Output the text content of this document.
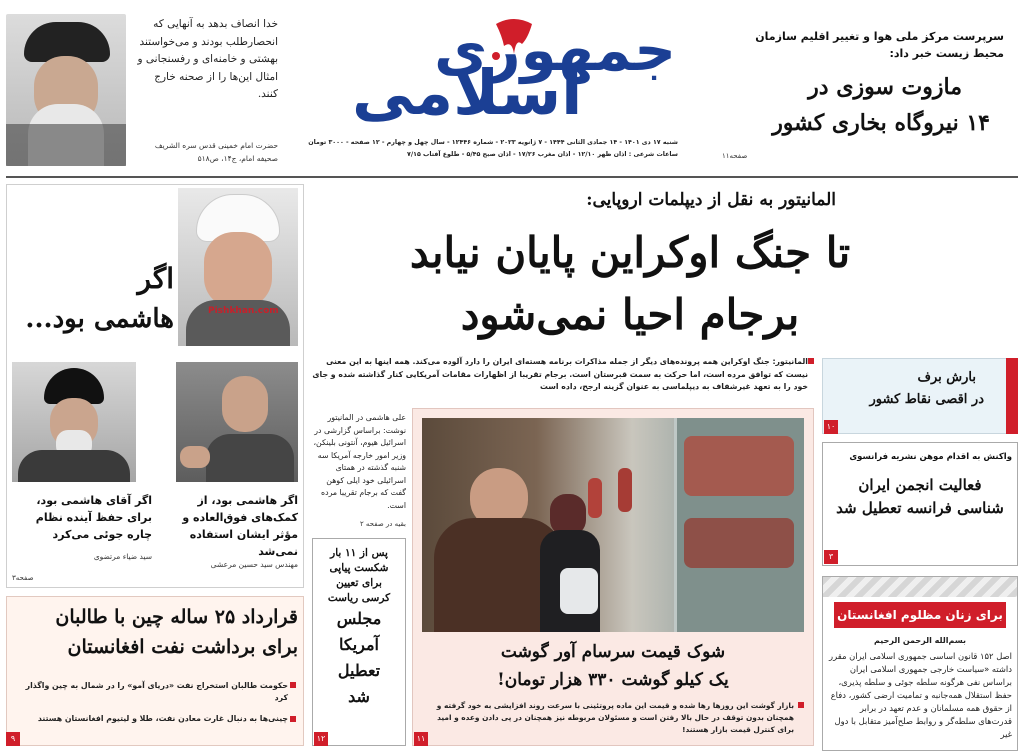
خدا انصاف بدهد به آنهایی که انحصارطلب بودند و می‌خواستند بهشتی و خامنه‌ای و رفسنجانی و امثال این‌ها را از صحنه خارج کنند.
حضرت امام خمینی قدس سره الشریف
صحیفه امام، ج۱۴، ص۵۱۸
جمهوری
اسلامی
شنبه ۱۷ دی ۱۴۰۱ - ۱۴ جمادی الثانی ۱۴۴۴ - ۷ ژانویه ۲۰۲۳ - شماره ۱۲۴۴۶ - سال چهل و چهارم - ۱۲ صفحه - ۳۰۰۰ تومان
ساعات شرعی : اذان ظهر ۱۲/۱۰ - اذان مغرب ۱۷/۲۶ - اذان صبح ۵/۴۵ - طلوع آفتاب ۷/۱۵
سرپرست مرکز ملی هوا و تغییر اقلیم سازمان محیط زیست خبر داد:
مازوت سوزی در
۱۴ نیروگاه بخاری کشور
صفحه۱۱
اگر
هاشمی بود...	Pishkhan.com
اگر آقای هاشمی بود، برای حفظ آینده نظام چاره جوئی می‌کرد
سید ضیاء مرتضوی
اگر هاشمی بود، از کمک‌های فوق‌العاده و مؤثر ایشان استفاده نمی‌شد
مهندس سید حسین مرعشی
صفحه۳
قرارداد ۲۵ ساله چین با طالبان
برای برداشت نفت افغانستان
حکومت طالبان استخراج نفت «دریای آمو» را در شمال به چین واگذار کرد
چینی‌ها به دنبال غارت معادن نفت، طلا و لیتیوم افغانستان هستند
۹
المانیتور به نقل از دیپلمات اروپایی:
تا جنگ اوکراین پایان نیابد
برجام احیا نمی‌شود
المانیتور: جنگ اوکراین همه پرونده‌های دیگر از جمله مذاکرات برنامه هسته‌ای ایران را دارد آلوده می‌کند. همه اینها به این معنی نیست که توافق مرده است، اما حرکت به سمت قبرستان است. برجام تقریبا از اظهارات مقامات آمریکایی کنار گذاشته شده و جای خود را به تعهد غیرشفاف به دیپلماسی به عنوان گزینه ارجح، داده است
علی هاشمی در المانیتور نوشت: براساس گزارشی در اسرائیل هیوم، آنتونی بلینکن، وزیر امور خارجه آمریکا سه شنبه گذشته در همتای اسرائیلی خود ایلی کوهن گفت که برجام تقریبا مرده است.
بقیه در صفحه ۲
پس از ۱۱ بار
شکست پیاپی
برای تعیین
کرسی ریاست
مجلس
آمریکا
تعطیل
شد
۱۲
شوک قیمت سرسام آور گوشت
یک کیلو گوشت ۳۳۰ هزار تومان!
بازار گوشت این روزها رها شده و قیمت این ماده پروتئینی با سرعت روند افزایشی به خود گرفته و همچنان بدون توقف در حال بالا رفتن است و مسئولان مربوطه نیز همچنان در پی دادن وعده و امید برای کنترل قیمت بازار هستند!
۱۱
بارش برف
در اقصی نقاط کشور
۱۰
واکنش به اقدام موهن نشریه فرانسوی
فعالیت انجمن ایران شناسی فرانسه تعطیل شد
۳
برای زنان مظلوم افغانستان
بسم‌الله الرحمن الرحیم
اصل ۱۵۲ قانون اساسی جمهوری اسلامی ایران مقرر داشته «سیاست خارجی جمهوری اسلامی ایران براساس نفی هرگونه سلطه جوئی و سلطه پذیری، حفظ استقلال همه‌جانبه و تمامیت ارضی کشور، دفاع از حقوق همه مسلمانان و عدم تعهد در برابر قدرت‌های سلطه‌گر و روابط صلح‌آمیز متقابل با دول غیر
